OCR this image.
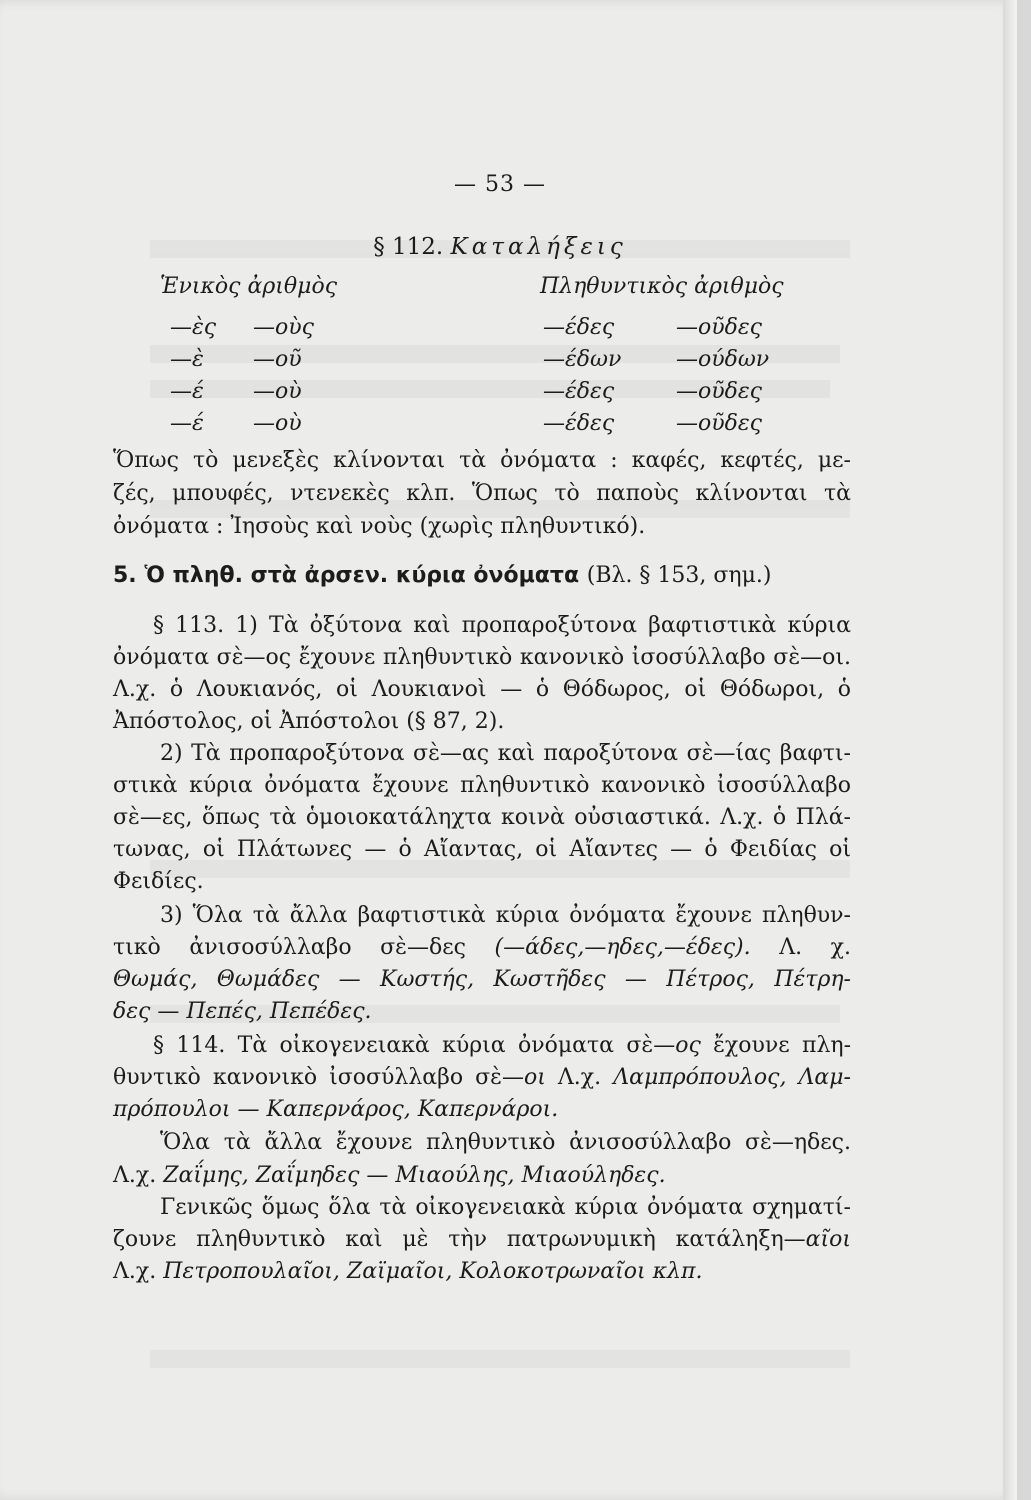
— 53 —
§ 112. Καταλήξεις
Ἑνικὸς ἀριθμὸς	Πληθυντικὸς ἀριθμὸς
—ὲς —οὺς	—έδες	—οῦδες
—ὲ —οῦ	—έδων —ούδων
—έ —οὺ	—έδες	—οῦδες
—έ —οὺ	—έδες	—οῦδες
Ὅπως τὸ μενεξὲς κλίνονται τὰ ὀνόματα : καφές, κεφτές, με-
ζές, μπουφές, ντενεκὲς κλπ. Ὅπως τὸ παποὺς κλίνονται τὰ
ὀνόματα : Ἰησοὺς καὶ νοὺς (χωρὶς πληθυντικό).
5. Ὁ πληθ. στὰ ἀρσεν. κύρια ὀνόματα (Βλ. § 153, σημ.)
§ 113. 1) Τὰ ὀξύτονα καὶ προπαροξύτονα βαφτιστικὰ κύρια
ὀνόματα σὲ—ος ἔχουνε πληθυντικὸ κανονικὸ ἰσοσύλλαβο σὲ—οι.
Λ.χ. ὁ Λουκιανός, οἱ Λουκιανοὶ — ὁ Θόδωρος, οἱ Θόδωροι, ὁ
Ἀπόστολος, οἱ Ἀπόστολοι (§ 87, 2).
2) Τὰ προπαροξύτονα σὲ—ας καὶ παροξύτονα σὲ—ίας βαφτι-
στικὰ κύρια ὀνόματα ἔχουνε πληθυντικὸ κανονικὸ ἰσοσύλλαβο
σὲ—ες, ὅπως τὰ ὁμοιοκατάληχτα κοινὰ οὐσιαστικά. Λ.χ. ὁ Πλά-
τωνας, οἱ Πλάτωνες — ὁ Αἴαντας, οἱ Αἴαντες — ὁ Φειδίας οἱ
Φειδίες.
3) Ὅλα τὰ ἄλλα βαφτιστικὰ κύρια ὀνόματα ἔχουνε πληθυν-
τικὸ ἀνισοσύλλαβο σὲ—δες (—άδες,—ηδες,—έδες). Λ. χ.
Θωμάς, Θωμάδες — Κωστής, Κωστῆδες — Πέτρος, Πέτρη-
δες — Πεπές, Πεπέδες.
§ 114. Τὰ οἰκογενειακὰ κύρια ὀνόματα σὲ—ος ἔχουνε πλη-
θυντικὸ κανονικὸ ἰσοσύλλαβο σὲ—οι Λ.χ. Λαμπρόπουλος, Λαμ-
πρόπουλοι — Καπερνάρος, Καπερνάροι.
Ὅλα τὰ ἄλλα ἔχουνε πληθυντικὸ ἀνισοσύλλαβο σὲ—ηδες.
Λ.χ. Ζαΐμης, Ζαΐμηδες — Μιαούλης, Μιαούληδες.
Γενικῶς ὅμως ὅλα τὰ οἰκογενειακὰ κύρια ὀνόματα σχηματί-
ζουνε πληθυντικὸ καὶ μὲ τὴν πατρωνυμικὴ κατάληξη—αῖοι
Λ.χ. Πετροπουλαῖοι, Ζαϊμαῖοι, Κολοκοτρωναῖοι κλπ.
